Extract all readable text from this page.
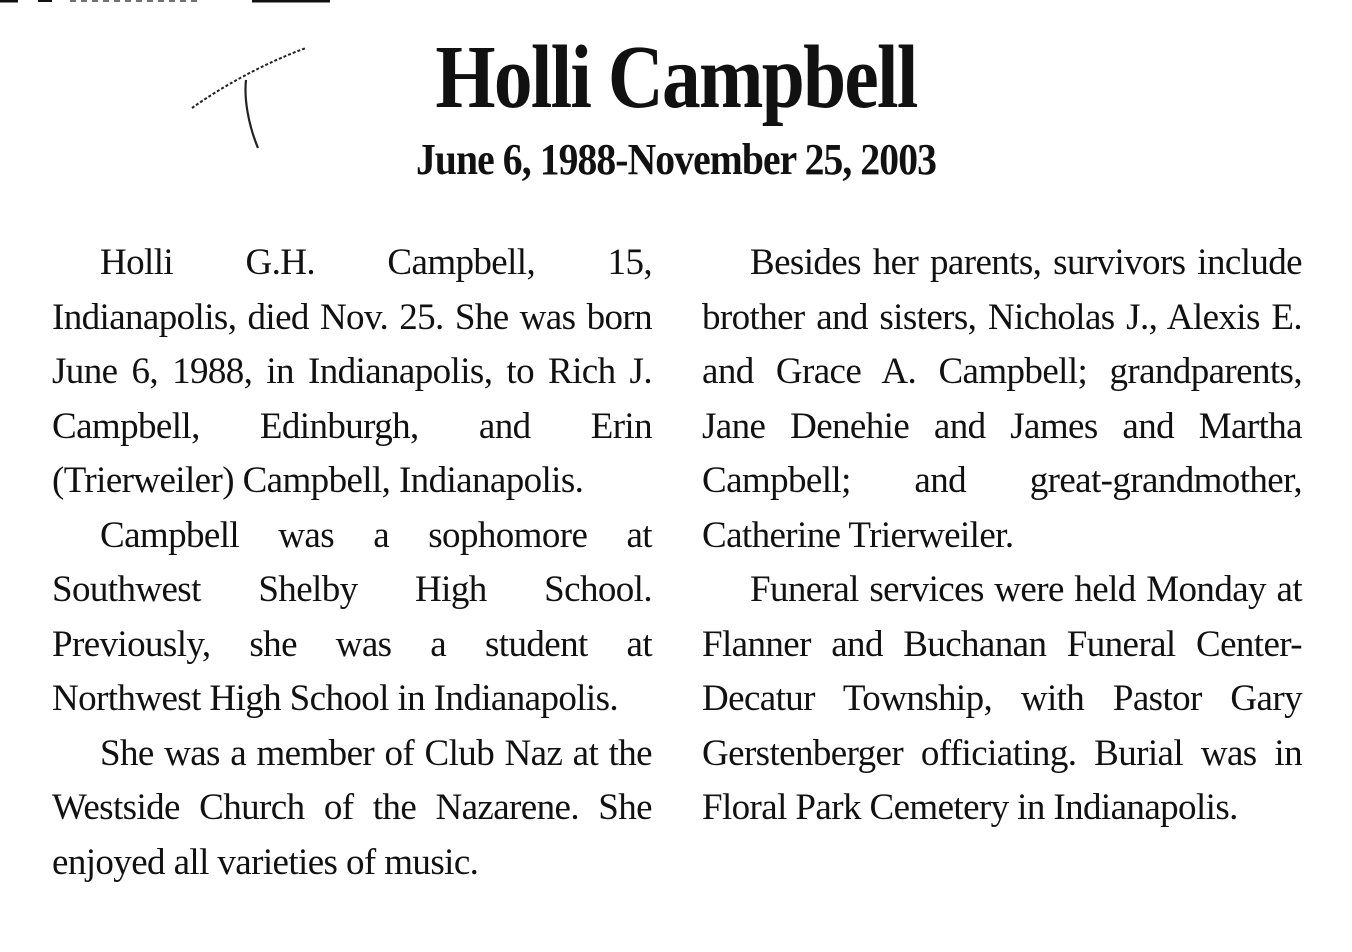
Holli Campbell
June 6, 1988-November 25, 2003

Holli G.H. Campbell, 15, Indianapolis, died Nov. 25. She was born June 6, 1988, in Indianapolis, to Rich J. Campbell, Edinburgh, and Erin (Trierweiler) Campbell, Indianapolis.

Campbell was a sophomore at Southwest Shelby High School. Previously, she was a student at Northwest High School in Indianapolis.

She was a member of Club Naz at the Westside Church of the Nazarene. She enjoyed all varieties of music.

Besides her parents, survivors include brother and sisters, Nicholas J., Alexis E. and Grace A. Campbell; grandparents, Jane Denehie and James and Martha Campbell; and great-grandmother, Catherine Trierweiler.

Funeral services were held Monday at Flanner and Buchanan Funeral Center-Decatur Township, with Pastor Gary Gerstenberger officiating. Burial was in Floral Park Cemetery in Indianapolis.
